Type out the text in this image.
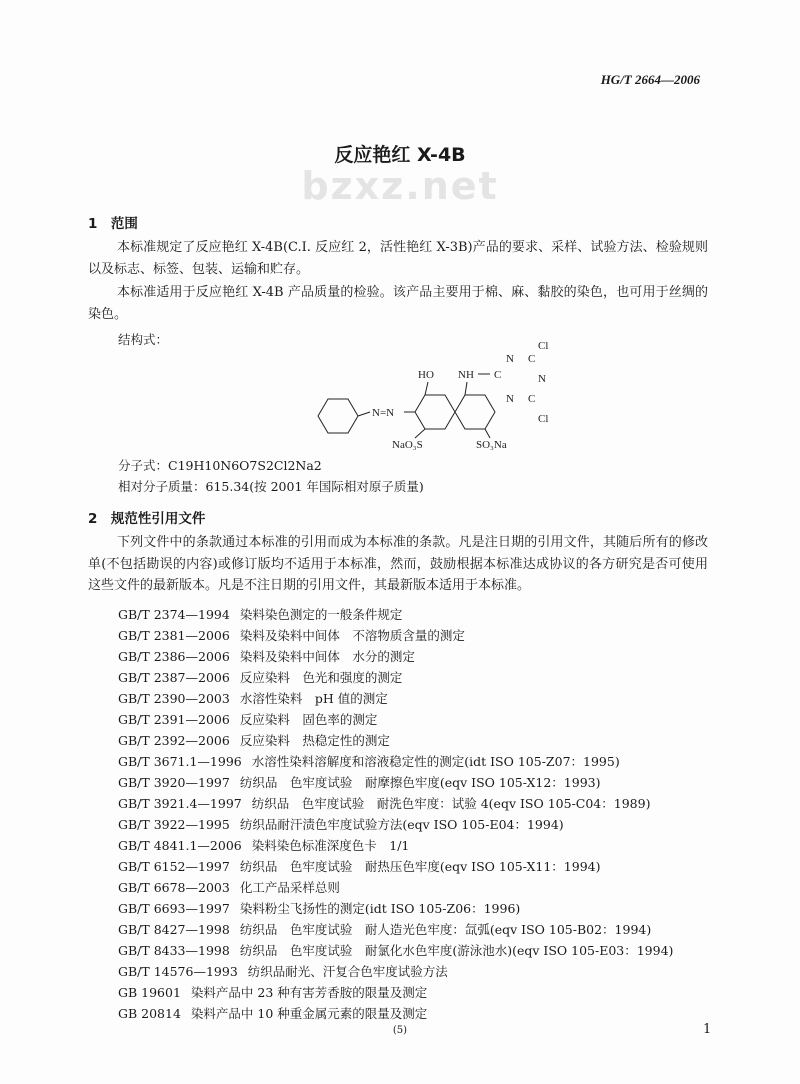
HG/T 2664—2006
反应艳红 X-4B
bzxz.net
1　范围
本标准规定了反应艳红 X-4B(C.I. 反应红 2，活性艳红 X-3B)产品的要求、采样、试验方法、检验规则以及标志、标签、包装、运输和贮存。
本标准适用于反应艳红 X-4B 产品质量的检验。该产品主要用于棉、麻、黏胶的染色，也可用于丝绸的染色。
结构式：
N=N
HO NH
NaO₃S	SO₃Na
C
N C
N
N C
Cl
Cl
分子式：C19H10N6O7S2Cl2Na2
相对分子质量：615.34(按 2001 年国际相对原子质量)
2　规范性引用文件
下列文件中的条款通过本标准的引用而成为本标准的条款。凡是注日期的引用文件，其随后所有的修改单(不包括勘误的内容)或修订版均不适用于本标准，然而，鼓励根据本标准达成协议的各方研究是否可使用这些文件的最新版本。凡是不注日期的引用文件，其最新版本适用于本标准。
GB/T 2374—1994 染料染色测定的一般条件规定
GB/T 2381—2006 染料及染料中间体　不溶物质含量的测定
GB/T 2386—2006 染料及染料中间体　水分的测定
GB/T 2387—2006 反应染料　色光和强度的测定
GB/T 2390—2003 水溶性染料　pH 值的测定
GB/T 2391—2006 反应染料　固色率的测定
GB/T 2392—2006 反应染料　热稳定性的测定
GB/T 3671.1—1996 水溶性染料溶解度和溶液稳定性的测定(idt ISO 105-Z07：1995)
GB/T 3920—1997 纺织品　色牢度试验　耐摩擦色牢度(eqv ISO 105-X12：1993)
GB/T 3921.4—1997 纺织品　色牢度试验　耐洗色牢度：试验 4(eqv ISO 105-C04：1989)
GB/T 3922—1995 纺织品耐汗渍色牢度试验方法(eqv ISO 105-E04：1994)
GB/T 4841.1—2006 染料染色标准深度色卡　1/1
GB/T 6152—1997 纺织品　色牢度试验　耐热压色牢度(eqv ISO 105-X11：1994)
GB/T 6678—2003 化工产品采样总则
GB/T 6693—1997 染料粉尘飞扬性的测定(idt ISO 105-Z06：1996)
GB/T 8427—1998 纺织品　色牢度试验　耐人造光色牢度：氙弧(eqv ISO 105-B02：1994)
GB/T 8433—1998 纺织品　色牢度试验　耐氯化水色牢度(游泳池水)(eqv ISO 105-E03：1994)
GB/T 14576—1993 纺织品耐光、汗复合色牢度试验方法
GB 19601 染料产品中 23 种有害芳香胺的限量及测定
GB 20814 染料产品中 10 种重金属元素的限量及测定
(5)	1
